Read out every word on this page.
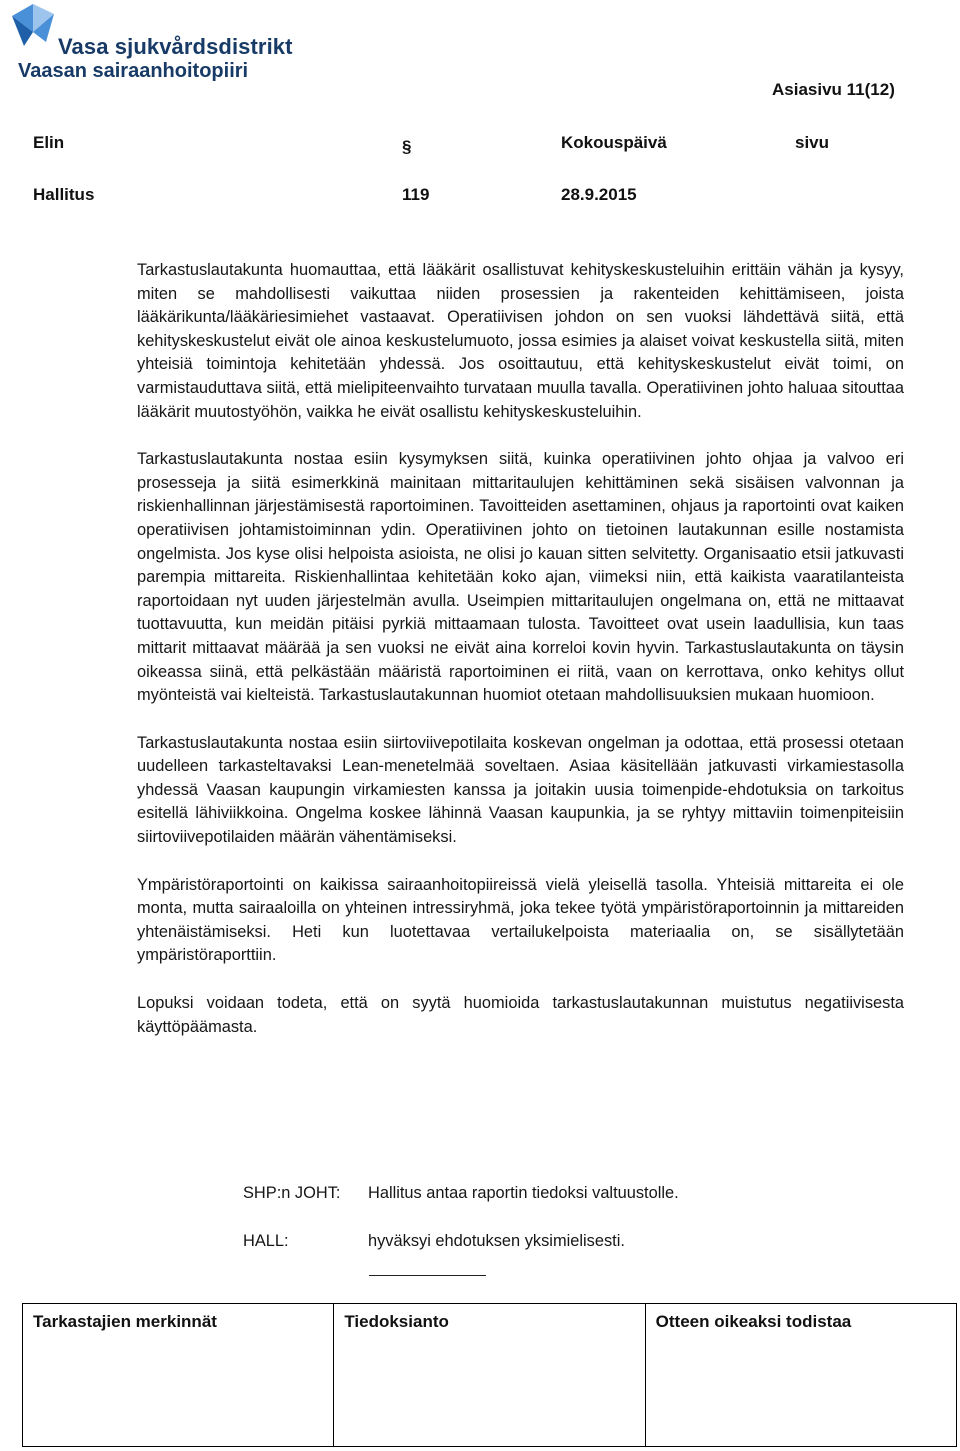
Vasa sjukvårdsdistrikt
Vaasan sairaanhoitopiiri
Asiasivu 11(12)
Elin	§	Kokouspäivä	sivu
Hallitus	119	28.9.2015

Tarkastuslautakunta huomauttaa, että lääkärit osallistuvat kehityskeskusteluihin erittäin vähän ja kysyy, miten se mahdollisesti vaikuttaa niiden prosessien ja rakenteiden kehittämiseen, joista lääkärikunta/lääkäriesimiehet vastaavat. Operatiivisen johdon on sen vuoksi lähdettävä siitä, että kehityskeskustelut eivät ole ainoa keskustelumuoto, jossa esimies ja alaiset voivat keskustella siitä, miten yhteisiä toimintoja kehitetään yhdessä. Jos osoittautuu, että kehityskeskustelut eivät toimi, on varmistauduttava siitä, että mielipiteenvaihto turvataan muulla tavalla. Operatiivinen johto haluaa sitouttaa lääkärit muutostyöhön, vaikka he eivät osallistu kehityskeskusteluihin.

Tarkastuslautakunta nostaa esiin kysymyksen siitä, kuinka operatiivinen johto ohjaa ja valvoo eri prosesseja ja siitä esimerkkinä mainitaan mittaritaulujen kehittäminen sekä sisäisen valvonnan ja riskienhallinnan järjestämisestä raportoiminen. Tavoitteiden asettaminen, ohjaus ja raportointi ovat kaiken operatiivisen johtamistoiminnan ydin. Operatiivinen johto on tietoinen lautakunnan esille nostamista ongelmista. Jos kyse olisi helpoista asioista, ne olisi jo kauan sitten selvitetty. Organisaatio etsii jatkuvasti parempia mittareita. Riskienhallintaa kehitetään koko ajan, viimeksi niin, että kaikista vaaratilanteista raportoidaan nyt uuden järjestelmän avulla. Useimpien mittaritaulujen ongelmana on, että ne mittaavat tuottavuutta, kun meidän pitäisi pyrkiä mittaamaan tulosta. Tavoitteet ovat usein laadullisia, kun taas mittarit mittaavat määrää ja sen vuoksi ne eivät aina korreloi kovin hyvin. Tarkastuslautakunta on täysin oikeassa siinä, että pelkästään määristä raportoiminen ei riitä, vaan on kerrottava, onko kehitys ollut myönteistä vai kielteistä. Tarkastuslautakunnan huomiot otetaan mahdollisuuksien mukaan huomioon.

Tarkastuslautakunta nostaa esiin siirtoviivepotilaita koskevan ongelman ja odottaa, että prosessi otetaan uudelleen tarkasteltavaksi Lean-menetelmää soveltaen. Asiaa käsitellään jatkuvasti virkamiestasolla yhdessä Vaasan kaupungin virkamiesten kanssa ja joitakin uusia toimenpide-ehdotuksia on tarkoitus esitellä lähiviikkoina. Ongelma koskee lähinnä Vaasan kaupunkia, ja se ryhtyy mittaviin toimenpiteisiin siirtoviivepotilaiden määrän vähentämiseksi.

Ympäristöraportointi on kaikissa sairaanhoitopiireissä vielä yleisellä tasolla. Yhteisiä mittareita ei ole monta, mutta sairaaloilla on yhteinen intressiryhmä, joka tekee työtä ympäristöraportoinnin ja mittareiden yhtenäistämiseksi. Heti kun luotettavaa vertailukelpoista materiaalia on, se sisällytetään ympäristöraporttiin.

Lopuksi voidaan todeta, että on syytä huomioida tarkastuslautakunnan muistutus negatiivisesta käyttöpäämasta.

SHP:n JOHT: Hallitus antaa raportin tiedoksi valtuustolle.
HALL:	hyväksyi ehdotuksen yksimielisesti.
Tarkastajien merkinnät	Tiedoksianto	Otteen oikeaksi todistaa
